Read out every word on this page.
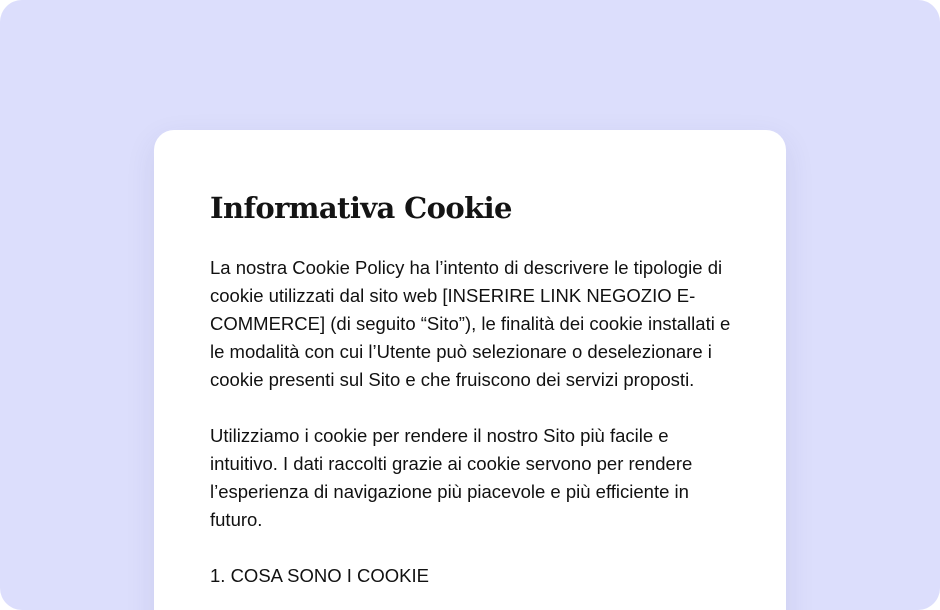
Informativa Cookie

La nostra Cookie Policy ha l’intento di descrivere le tipologie di cookie utilizzati dal sito web [INSERIRE LINK NEGOZIO E-COMMERCE] (di seguito “Sito”), le finalità dei cookie installati e le modalità con cui l’Utente può selezionare o deselezionare i cookie presenti sul Sito e che fruiscono dei servizi proposti.

Utilizziamo i cookie per rendere il nostro Sito più facile e intuitivo. I dati raccolti grazie ai cookie servono per rendere l’esperienza di navigazione più piacevole e più efficiente in futuro.

1. COSA SONO I COOKIE
